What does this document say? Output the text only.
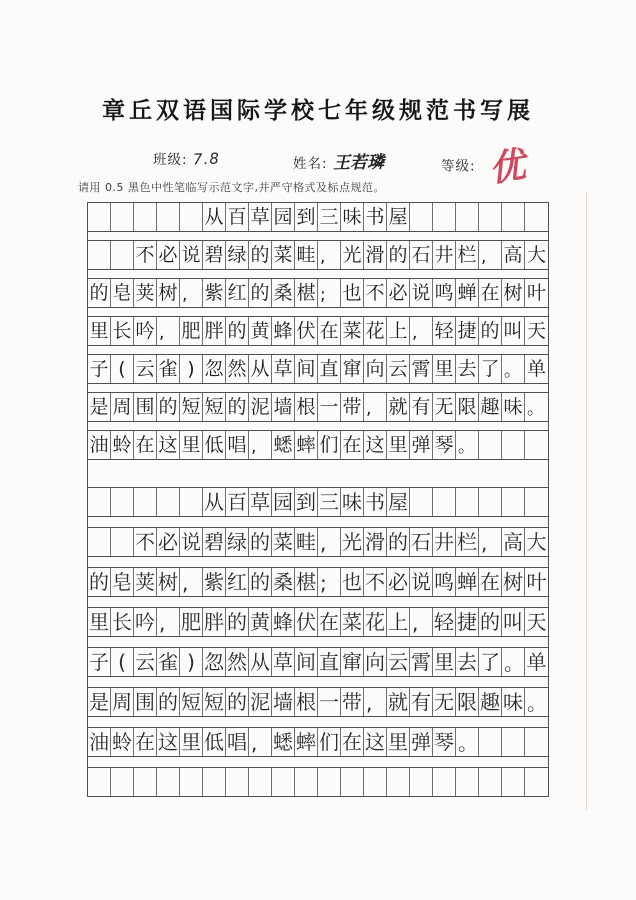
章丘双语国际学校七年级规范书写展
班级: 7.8	姓名: 王若璘	等级: 优
请用 0.5 黑色中性笔临写示范文字,并严守格式及标点规范。
从 百 草 园 到 三 味 书 屋
不 必 说 碧 绿 的 菜 畦 , 光 滑 的 石 井 栏 , 高 大
的 皂 荚 树 , 紫 红 的 桑 椹 ; 也 不 必 说 鸣 蝉 在 树 叶
里 长 吟 , 肥 胖 的 黄 蜂 伏 在 菜 花 上 , 轻 捷 的 叫 天
子 ( 云 雀 ) 忽 然 从 草 间 直 窜 向 云 霄 里 去 了 。 单
是 周 围 的 短 短 的 泥 墙 根 一 带 , 就 有 无 限 趣 味 。
油 蛉 在 这 里 低 唱 , 蟋 蟀 们 在 这 里 弹 琴 。
从 百 草 园 到 三 味 书 屋
不 必 说 碧 绿 的 菜 畦 , 光 滑 的 石 井 栏 , 高 大
的 皂 荚 树 , 紫 红 的 桑 椹 ; 也 不 必 说 鸣 蝉 在 树 叶
里 长 吟 , 肥 胖 的 黄 蜂 伏 在 菜 花 上 , 轻 捷 的 叫 天
子 ( 云 雀 ) 忽 然 从 草 间 直 窜 向 云 霄 里 去 了 。 单
是 周 围 的 短 短 的 泥 墙 根 一 带 , 就 有 无 限 趣 味 。
油 蛉 在 这 里 低 唱 , 蟋 蟀 们 在 这 里 弹 琴 。
